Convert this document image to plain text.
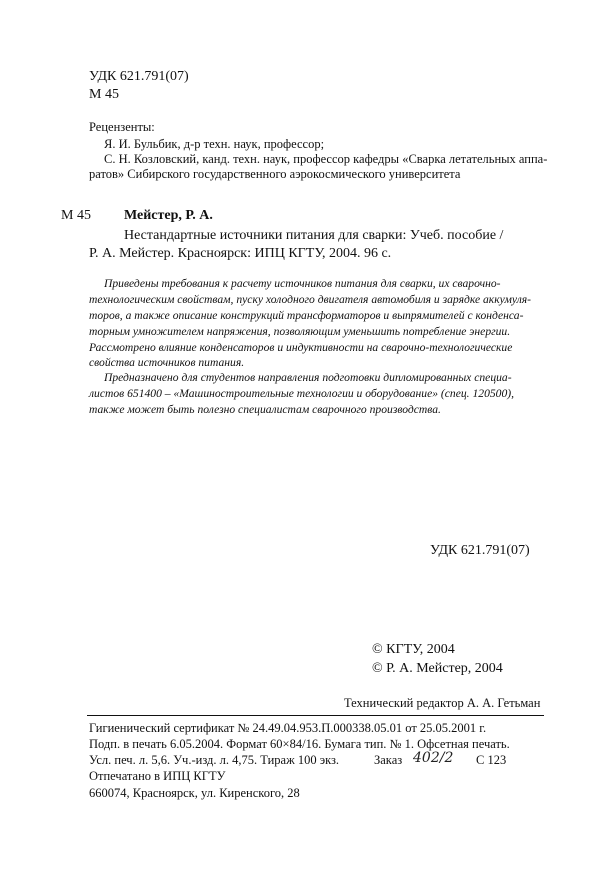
УДК 621.791(07)
М 45
Рецензенты:
Я. И. Бульбик, д-р техн. наук, профессор;
С. Н. Козловский, канд. техн. наук, профессор кафедры «Сварка летательных аппа-
ратов» Сибирского государственного аэрокосмического университета
М 45 Мейстер, Р. А.
Нестандартные источники питания для сварки: Учеб. пособие /
Р. А. Мейстер. Красноярск: ИПЦ КГТУ, 2004. 96 с.
Приведены требования к расчету источников питания для сварки, их сварочно-
технологическим свойствам, пуску холодного двигателя автомобиля и зарядке аккумуля-
торов, а также описание конструкций трансформаторов и выпрямителей с конденса-
торным умножителем напряжения, позволяющим уменьшить потребление энергии.
Рассмотрено влияние конденсаторов и индуктивности на сварочно-технологические
свойства источников питания.
Предназначено для студентов направления подготовки дипломированных специа-
листов 651400 – «Машиностроительные технологии и оборудование» (спец. 120500),
также может быть полезно специалистам сварочного производства.
УДК 621.791(07)
© КГТУ, 2004
© Р. А. Мейстер, 2004
Технический редактор А. А. Гетьман
Гигиенический сертификат № 24.49.04.953.П.000338.05.01 от 25.05.2001 г.
Подп. в печать 6.05.2004. Формат 60×84/16. Бумага тип. № 1. Офсетная печать.
Усл. печ. л. 5,6. Уч.-изд. л. 4,75. Тираж 100 экз.	Заказ 402/2 С 123
Отпечатано в ИПЦ КГТУ
660074, Красноярск, ул. Киренского, 28
